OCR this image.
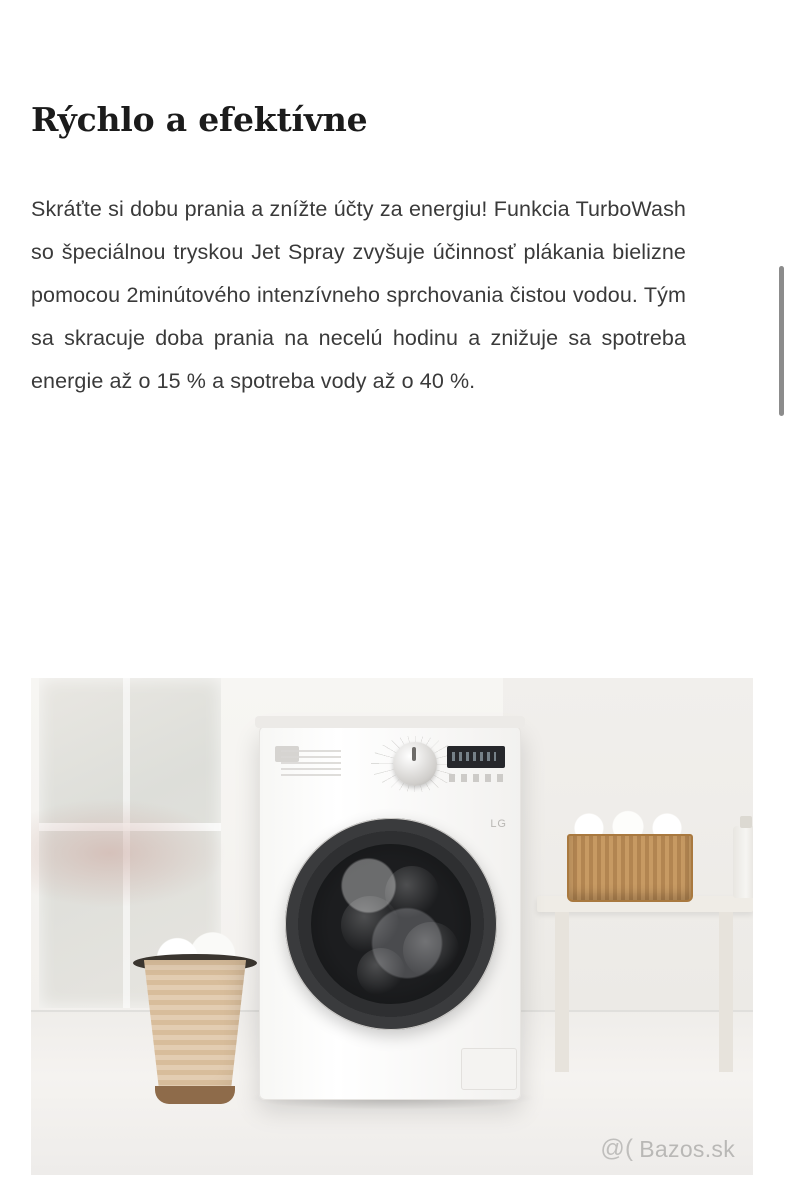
Rýchlo a efektívne

Skráťte si dobu prania a znížte účty za energiu! Funkcia TurboWash so špeciálnou tryskou Jet Spray zvyšuje účinnosť plákania bielizne pomocou 2minútového intenzívneho sprchovania čistou vodou. Tým sa skracuje doba prania na necelú hodinu a znižuje sa spotreba energie až o 15 % a spotreba vody až o 40 %.

LG
@( Bazos.sk
